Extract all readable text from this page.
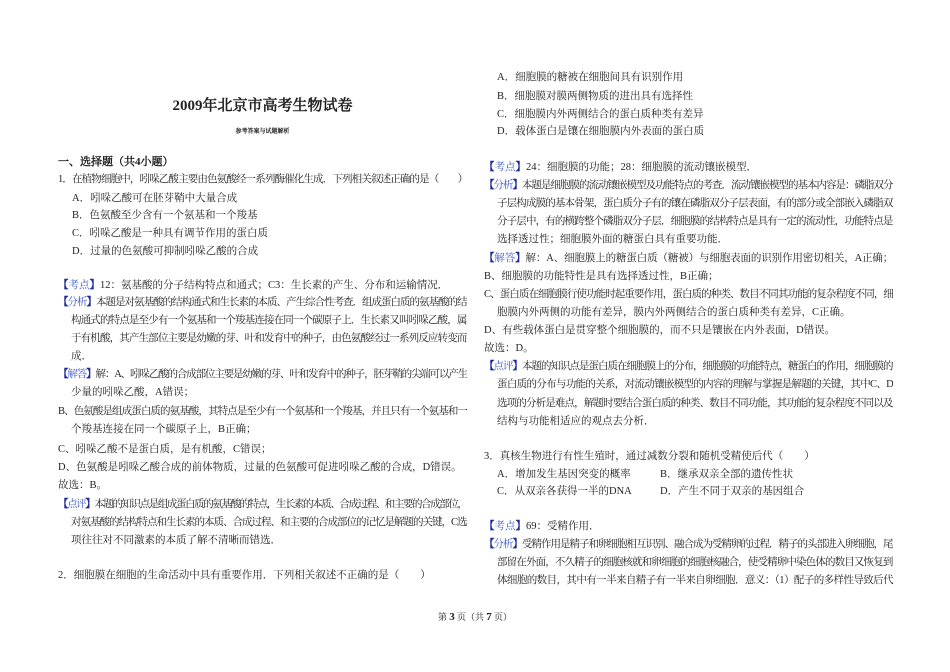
2009年北京市高考生物试卷
参考答案与试题解析
一、选择题（共4小题）
1．在植物细胞中，吲哚乙酸主要由色氨酸经一系列酶催化生成．下列相关叙述正确的是（　　）
A．吲哚乙酸可在胚芽鞘中大量合成
B．色氨酸至少含有一个氨基和一个羧基
C．吲哚乙酸是一种具有调节作用的蛋白质
D．过量的色氨酸可抑制吲哚乙酸的合成
【考点】12：氨基酸的分子结构特点和通式；C3：生长素的产生、分布和运输情况．
【分析】本题是对氨基酸的结构通式和生长素的本质、产生综合性考查．组成蛋白质的氨基酸的结
构通式的特点是至少有一个氨基和一个羧基连接在同一个碳原子上．生长素又叫吲哚乙酸，属
于有机酸，其产生部位主要是幼嫩的芽、叶和发育中的种子，由色氨酸经过一系列反应转变而
成．
【解答】解：A、吲哚乙酸的合成部位主要是幼嫩的芽、叶和发育中的种子，胚芽鞘的尖端可以产生
少量的吲哚乙酸，A错误；
B、色氨酸是组成蛋白质的氨基酸，其特点是至少有一个氨基和一个羧基，并且只有一个氨基和一
个羧基连接在同一个碳原子上，B正确；
C、吲哚乙酸不是蛋白质，是有机酸，C错误；
D、色氨酸是吲哚乙酸合成的前体物质，过量的色氨酸可促进吲哚乙酸的合成，D错误。
故选：B。
【点评】本题的知识点是组成蛋白质的氨基酸的特点，生长素的本质、合成过程、和主要的合成部位，
对氨基酸的结构特点和生长素的本质、合成过程、和主要的合成部位的记忆是解题的关键，C选
项往往对不同激素的本质了解不清晰而错选．
2．细胞膜在细胞的生命活动中具有重要作用．下列相关叙述不正确的是（　　）
A．细胞膜的糖被在细胞间具有识别作用
B．细胞膜对膜两侧物质的进出具有选择性
C．细胞膜内外两侧结合的蛋白质种类有差异
D．载体蛋白是镶在细胞膜内外表面的蛋白质
【考点】24：细胞膜的功能；28：细胞膜的流动镶嵌模型．
【分析】本题是细胞膜的流动镶嵌模型及功能特点的考查．流动镶嵌模型的基本内容是：磷脂双分
子层构成膜的基本骨架，蛋白质分子有的镶在磷脂双分子层表面，有的部分或全部嵌入磷脂双
分子层中，有的横跨整个磷脂双分子层．细胞膜的结构特点是具有一定的流动性，功能特点是
选择透过性；细胞膜外面的糖蛋白具有重要功能．
【解答】解：A、细胞膜上的糖蛋白质（糖被）与细胞表面的识别作用密切相关，A正确；
B、细胞膜的功能特性是具有选择透过性，B正确；
C、蛋白质在细胞膜行使功能时起重要作用，蛋白质的种类、数目不同其功能的复杂程度不同，细
胞膜内外两侧的功能有差异，膜内外两侧结合的蛋白质种类有差异，C正确。
D、有些载体蛋白是贯穿整个细胞膜的，而不只是镶嵌在内外表面，D错误。
故选：D。
【点评】本题的知识点是蛋白质在细胞膜上的分布，细胞膜的功能特点，糖蛋白的作用，细胞膜的
蛋白质的分布与功能的关系，对流动镶嵌模型的内容的理解与掌握是解题的关键，其中C、D
选项的分析是难点，解题时要结合蛋白质的种类、数目不同功能，其功能的复杂程度不同以及
结构与功能相适应的观点去分析．
3．真核生物进行有性生殖时，通过减数分裂和随机受精使后代（　　）
A．增加发生基因突变的概率	B．继承双亲全部的遗传性状
C．从双亲各获得一半的DNA	D．产生不同于双亲的基因组合
【考点】69：受精作用．
【分析】受精作用是精子和卵细胞相互识别、融合成为受精卵的过程．精子的头部进入卵细胞，尾
部留在外面，不久精子的细胞核就和卵细胞的细胞核融合，使受精卵中染色体的数目又恢复到
体细胞的数目，其中有一半来自精子有一半来自卵细胞．意义：（1）配子的多样性导致后代
第 3 页（共 7 页）
